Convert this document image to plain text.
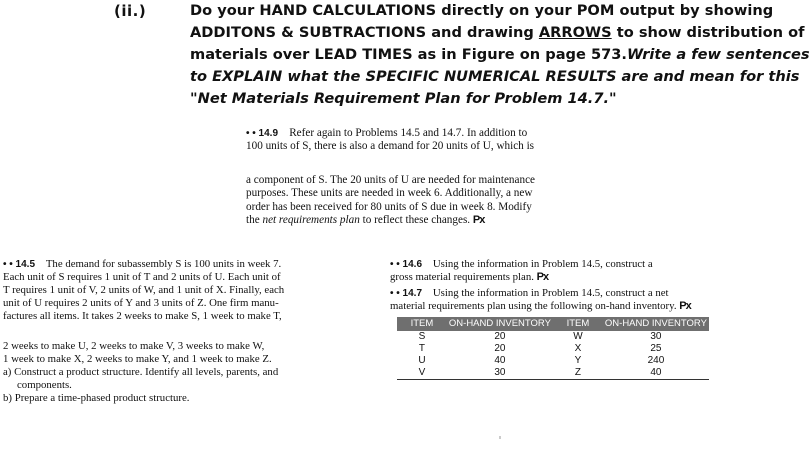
(ii.)	Do your HAND CALCULATIONS directly on your POM output by showing
ADDITONS & SUBTRACTIONS and drawing ARROWS to show distribution of
materials over LEAD TIMES as in Figure on page 573.Write a few sentences
to EXPLAIN what the SPECIFIC NUMERICAL RESULTS are and mean for this
"Net Materials Requirement Plan for Problem 14.7."
• • 14.9 Refer again to Problems 14.5 and 14.7. In addition to
100 units of S, there is also a demand for 20 units of U, which is
a component of S. The 20 units of U are needed for maintenance
purposes. These units are needed in week 6. Additionally, a new
order has been received for 80 units of S due in week 8. Modify
the net requirements plan to reflect these changes. Px
• • 14.5 The demand for subassembly S is 100 units in week 7.
Each unit of S requires 1 unit of T and 2 units of U. Each unit of
T requires 1 unit of V, 2 units of W, and 1 unit of X. Finally, each
unit of U requires 2 units of Y and 3 units of Z. One firm manu-
factures all items. It takes 2 weeks to make S, 1 week to make T,
2 weeks to make U, 2 weeks to make V, 3 weeks to make W,
1 week to make X, 2 weeks to make Y, and 1 week to make Z.
a) Construct a product structure. Identify all levels, parents, and
components.
b) Prepare a time-phased product structure.
• • 14.6 Using the information in Problem 14.5, construct a
gross material requirements plan. Px
• • 14.7 Using the information in Problem 14.5, construct a net
material requirements plan using the following on-hand inventory. Px
ITEM	ON-HAND INVENTORY	ITEM	ON-HAND INVENTORY
S	20	W	30
T	20	X	25
U	40	Y	240
V	30	Z	40
